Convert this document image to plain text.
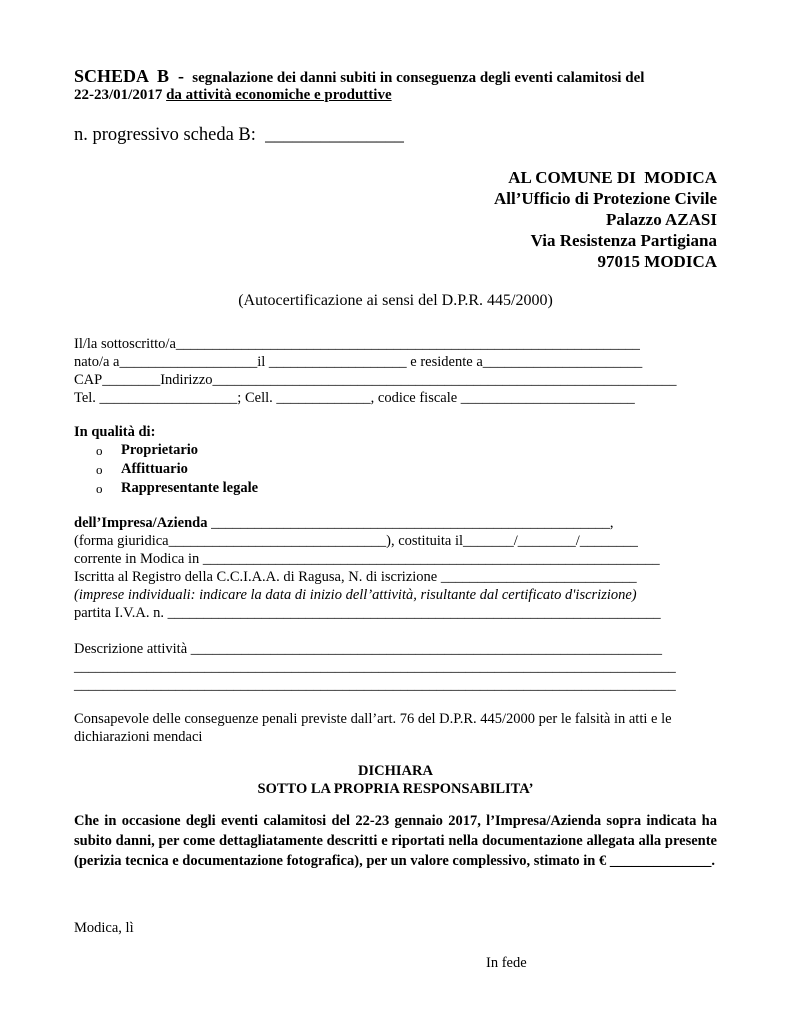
SCHEDA  B  -  segnalazione dei danni subiti in conseguenza degli eventi calamitosi del
22-23/01/2017 da attività economiche e produttive
n. progressivo scheda B:  _______________
AL COMUNE DI  MODICA
All’Ufficio di Protezione Civile
Palazzo AZASI
Via Resistenza Partigiana
97015 MODICA
(Autocertificazione ai sensi del D.P.R. 445/2000)
Il/la sottoscritto/a________________________________________________________________
nato/a a___________________il ___________________ e residente a______________________
CAP________Indirizzo________________________________________________________________
Tel. ___________________; Cell. _____________, codice fiscale ________________________
In qualità di:
o Proprietario
o Affittuario
o Rappresentante legale
dell’Impresa/Azienda _______________________________________________________,
(forma giuridica______________________________), costituita il_______/________/________
corrente in Modica in _______________________________________________________________
Iscritta al Registro della C.C.I.A.A. di Ragusa, N. di iscrizione ___________________________
(imprese individuali: indicare la data di inizio dell’attività, risultante dal certificato d'iscrizione)
partita I.V.A. n. ____________________________________________________________________
Descrizione attività _________________________________________________________________
___________________________________________________________________________________
___________________________________________________________________________________
Consapevole delle conseguenze penali previste dall’art. 76 del D.P.R. 445/2000 per le falsità in atti e le
dichiarazioni mendaci
DICHIARA
SOTTO LA PROPRIA RESPONSABILITA’
Che in occasione degli eventi calamitosi del 22-23 gennaio 2017, l’Impresa/Azienda sopra indicata ha subito danni, per come dettagliatamente descritti e riportati nella documentazione allegata alla presente (perizia tecnica e documentazione fotografica), per un valore complessivo, stimato in € ______________.
Modica, lì
In fede
